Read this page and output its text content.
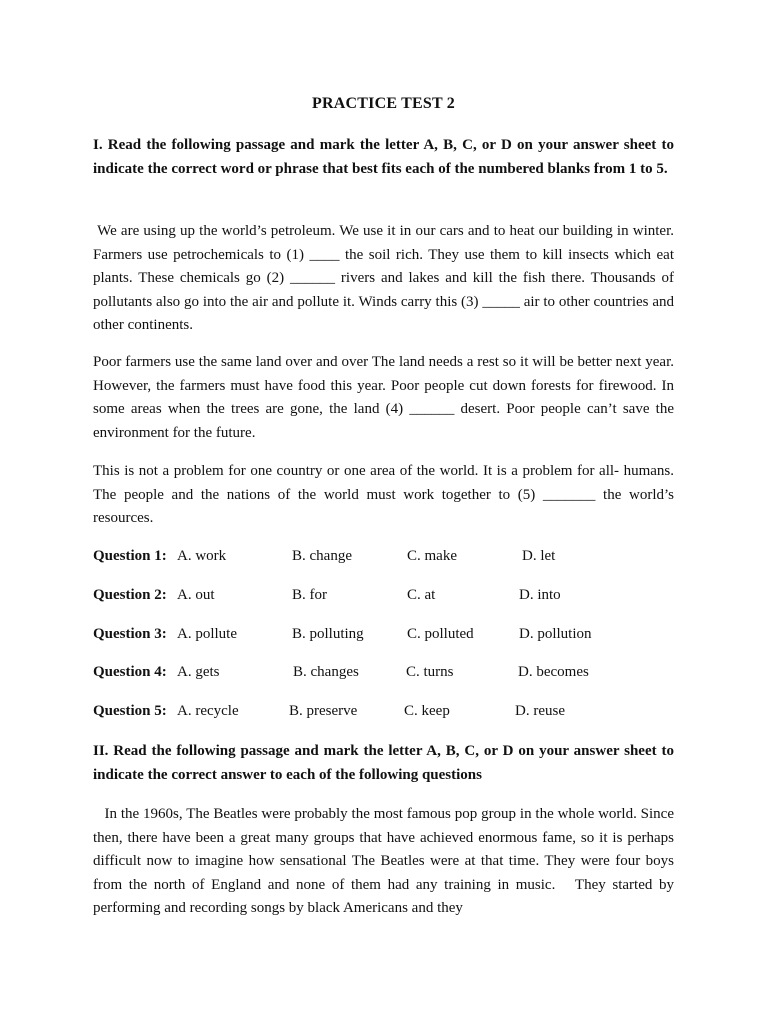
PRACTICE TEST 2
I. Read the following passage and mark the letter A, B, C, or D on your answer sheet to indicate the correct word or phrase that best fits each of the numbered blanks from 1 to 5.
We are using up the world’s petroleum. We use it in our cars and to heat our building in winter. Farmers use petrochemicals to (1) ____ the soil rich. They use them to kill insects which eat plants. These chemicals go (2) ______ rivers and lakes and kill the fish there. Thousands of pollutants also go into the air and pollute it. Winds carry this (3) _____ air to other countries and other continents.
Poor farmers use the same land over and over The land needs a rest so it will be better next year. However, the farmers must have food this year. Poor people cut down forests for firewood. In some areas when the trees are gone, the land (4) ______ desert. Poor people can’t save the environment for the future.
This is not a problem for one country or one area of the world. It is a problem for all- humans. The people and the nations of the world must work together to (5) _______ the world’s resources.
Question 1: A. work	B. change	C. make	D. let
Question 2: A. out	B. for	C. at	D. into
Question 3: A. pollute	B. polluting	C. polluted	D. pollution
Question 4: A. gets	B. changes	C. turns	D. becomes
Question 5: A. recycle	B. preserve	C. keep	D. reuse
II. Read the following passage and mark the letter A, B, C, or D on your answer sheet to indicate the correct answer to each of the following questions
In the 1960s, The Beatles were probably the most famous pop group in the whole world. Since then, there have been a great many groups that have achieved enormous fame, so it is perhaps difficult now to imagine how sensational The Beatles were at that time. They were four boys from the north of England and none of them had any training in music.   They started by performing and recording songs by black Americans and they
